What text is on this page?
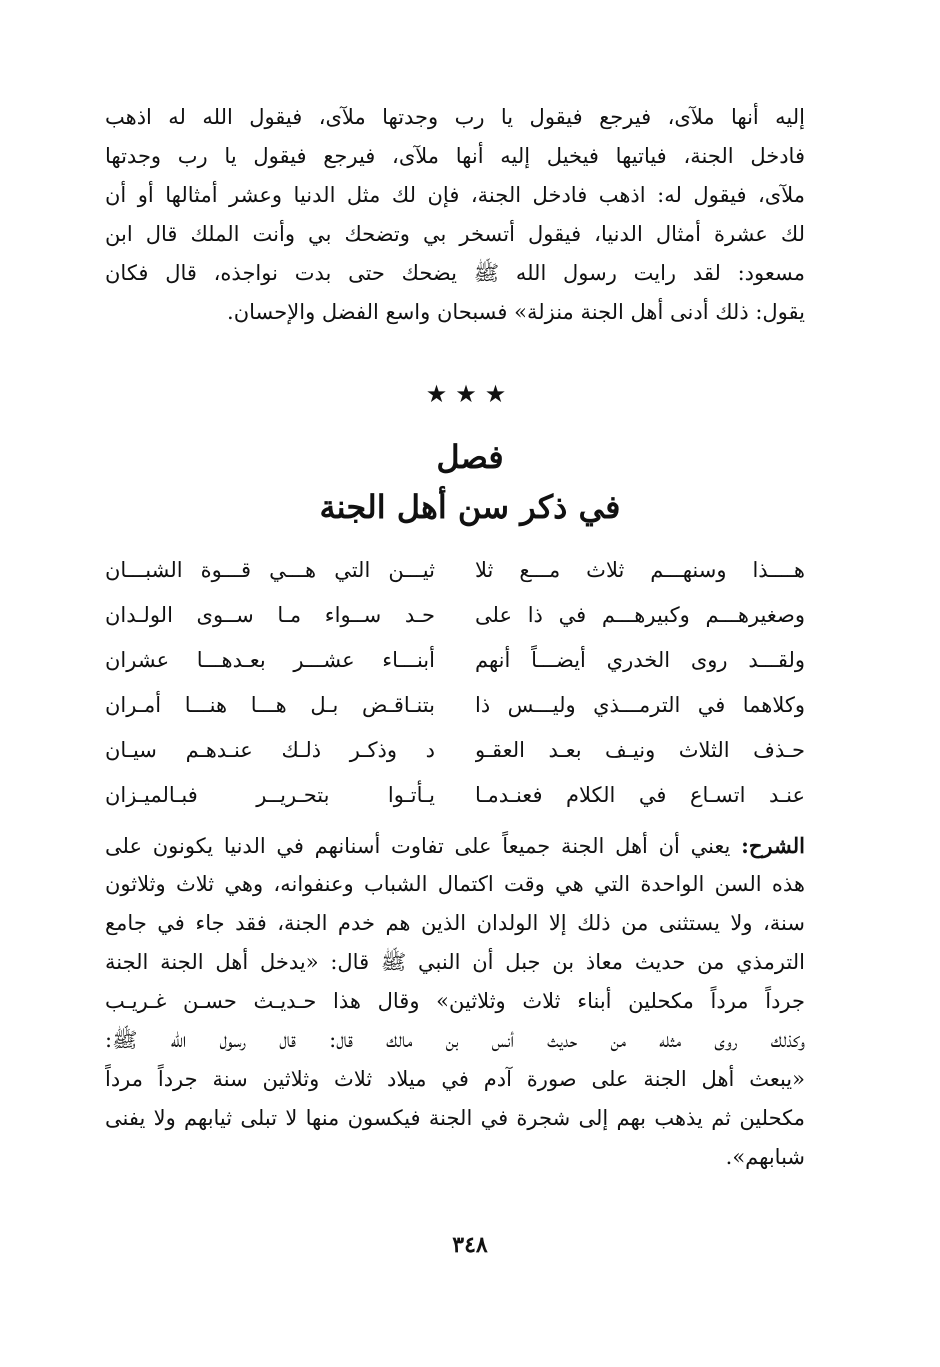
إليه أنها ملآى، فيرجع فيقول يا رب وجدتها ملآى، فيقول الله له اذهب
فادخل الجنة، فياتيها فيخيل إليه أنها ملآى، فيرجع فيقول يا رب وجدتها
ملآى، فيقول له: اذهب فادخل الجنة، فإن لك مثل الدنيا وعشر أمثالها أو أن
لك عشرة أمثال الدنيا، فيقول أتسخر بي وتضحك بي وأنت الملك قال ابن
مسعود: لقد رايت رسول الله ﷺ يضحك حتى بدت نواجذه، قال فكان
يقول: ذلك أدنى أهل الجنة منزلة» فسبحان واسع الفضل والإحسان.
★★★
فصل
في ذكر سن أهل الجنة
هــــذا وسنهـــم ثلاث مـــع ثلا
ثيـــن التي هـــي قـــوة الشبـــان
وصغيرهـــم وكبيرهـــم في ذا على
حـد ســواء مـا ســوى الولـدان
ولقـــد روى الخدري أيضـــاً أنهم
أبنـــاء عشـــر بعـدهـــا عشران
وكلاهما في الترمـــذي وليـــس ذا
بتنـاقـض بـل هـــا هنـــا أمـران
حـذف الثلاث ونيـف بعـد العقـو
د وذكـر ذلـك عنـدهـم سيـان
عنـد اتسـاع في الكلام فعنـدمـا
يـأتـوا بتحـريــر فبـالميـزان
الشرح: يعني أن أهل الجنة جميعاً على تفاوت أسنانهم في الدنيا يكونون على
هذه السن الواحدة التي هي وقت اكتمال الشباب وعنفوانه، وهي ثلاث وثلاثون
سنة، ولا يستثنى من ذلك إلا الولدان الذين هم خدم الجنة، فقد جاء في جامع
الترمذي من حديث معاذ بن جبل أن النبي ﷺ قال: «يدخل أهل الجنة الجنة
جرداً مرداً مكحلين أبناء ثلاث وثلاثين» وقال هذا حـديـث حسـن غـريـب
وكذلك روى مثله من حديث أنس بن مالك قال: قال رسول الله ﷺ:
«يبعث أهل الجنة على صورة آدم في ميلاد ثلاث وثلاثين سنة جرداً مرداً
مكحلين ثم يذهب بهم إلى شجرة في الجنة فيكسون منها لا تبلى ثيابهم ولا يفنى
شبابهم».
٣٤٨
